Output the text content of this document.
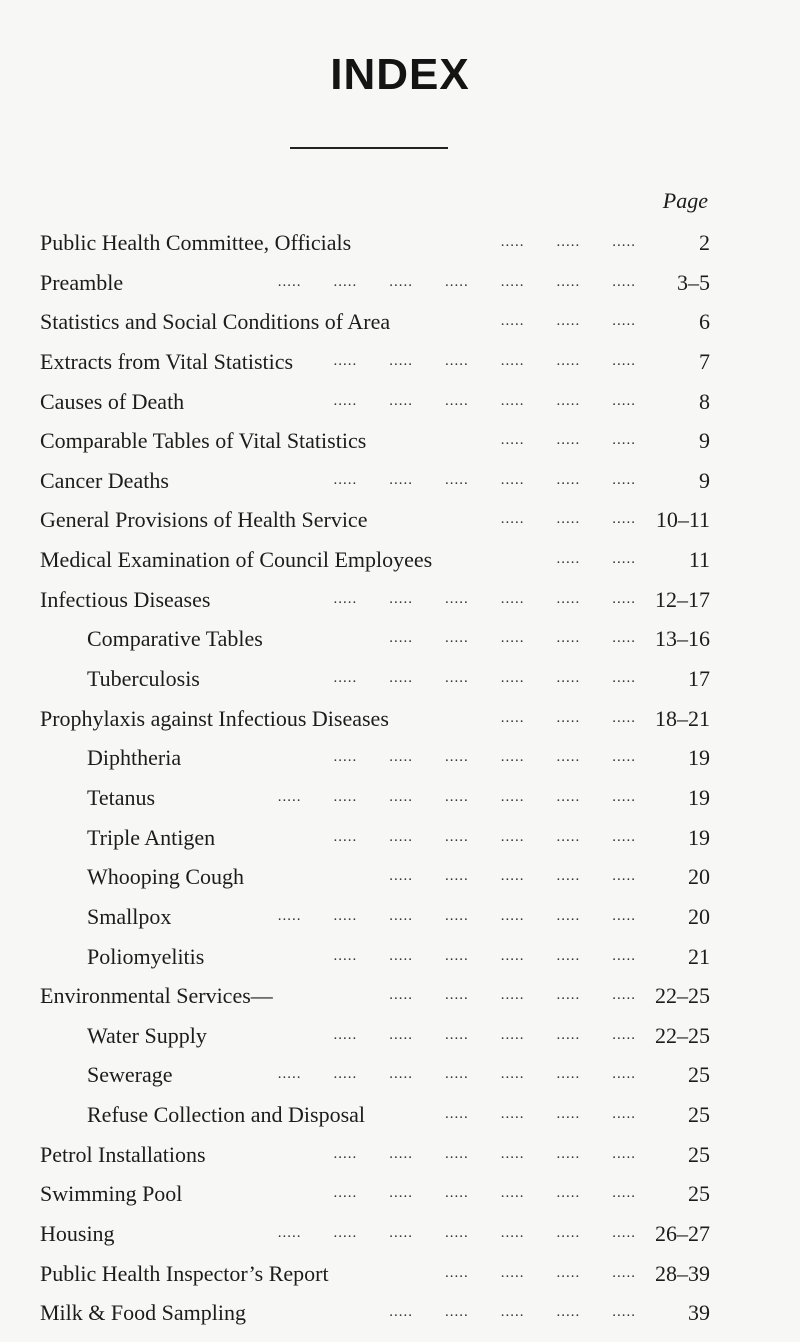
INDEX
Page
.....  .....  .....
Public Health Committee, Officials	2
.....  .....  .....  .....  .....  .....  .....
Preamble	3–5
.....  .....  .....
Statistics and Social Conditions of Area	6
.....  .....  .....  .....  .....  .....
Extracts from Vital Statistics	7
.....  .....  .....  .....  .....  .....
Causes of Death	8
.....  .....  .....
Comparable Tables of Vital Statistics	9
.....  .....  .....  .....  .....  .....
Cancer Deaths	9
.....  .....  .....
General Provisions of Health Service	10–11
.....  .....
Medical Examination of Council Employees	11
.....  .....  .....  .....  .....  .....
Infectious Diseases	12–17
.....  .....  .....  .....  .....
Comparative Tables	13–16
.....  .....  .....  .....  .....  .....
Tuberculosis	17
.....  .....  .....
Prophylaxis against Infectious Diseases	18–21
.....  .....  .....  .....  .....  .....
Diphtheria	19
.....  .....  .....  .....  .....  .....  .....
Tetanus	19
.....  .....  .....  .....  .....  .....
Triple Antigen	19
.....  .....  .....  .....  .....
Whooping Cough	20
.....  .....  .....  .....  .....  .....  .....
Smallpox	20
.....  .....  .....  .....  .....  .....
Poliomyelitis	21
.....  .....  .....  .....  .....
Environmental Services—	22–25
.....  .....  .....  .....  .....  .....
Water Supply	22–25
.....  .....  .....  .....  .....  .....  .....
Sewerage	25
.....  .....  .....  .....
Refuse Collection and Disposal	25
.....  .....  .....  .....  .....  .....
Petrol Installations	25
.....  .....  .....  .....  .....  .....
Swimming Pool	25
.....  .....  .....  .....  .....  .....  .....
Housing	26–27
.....  .....  .....  .....
Public Health Inspector’s Report	28–39
.....  .....  .....  .....  .....
Milk & Food Sampling	39
